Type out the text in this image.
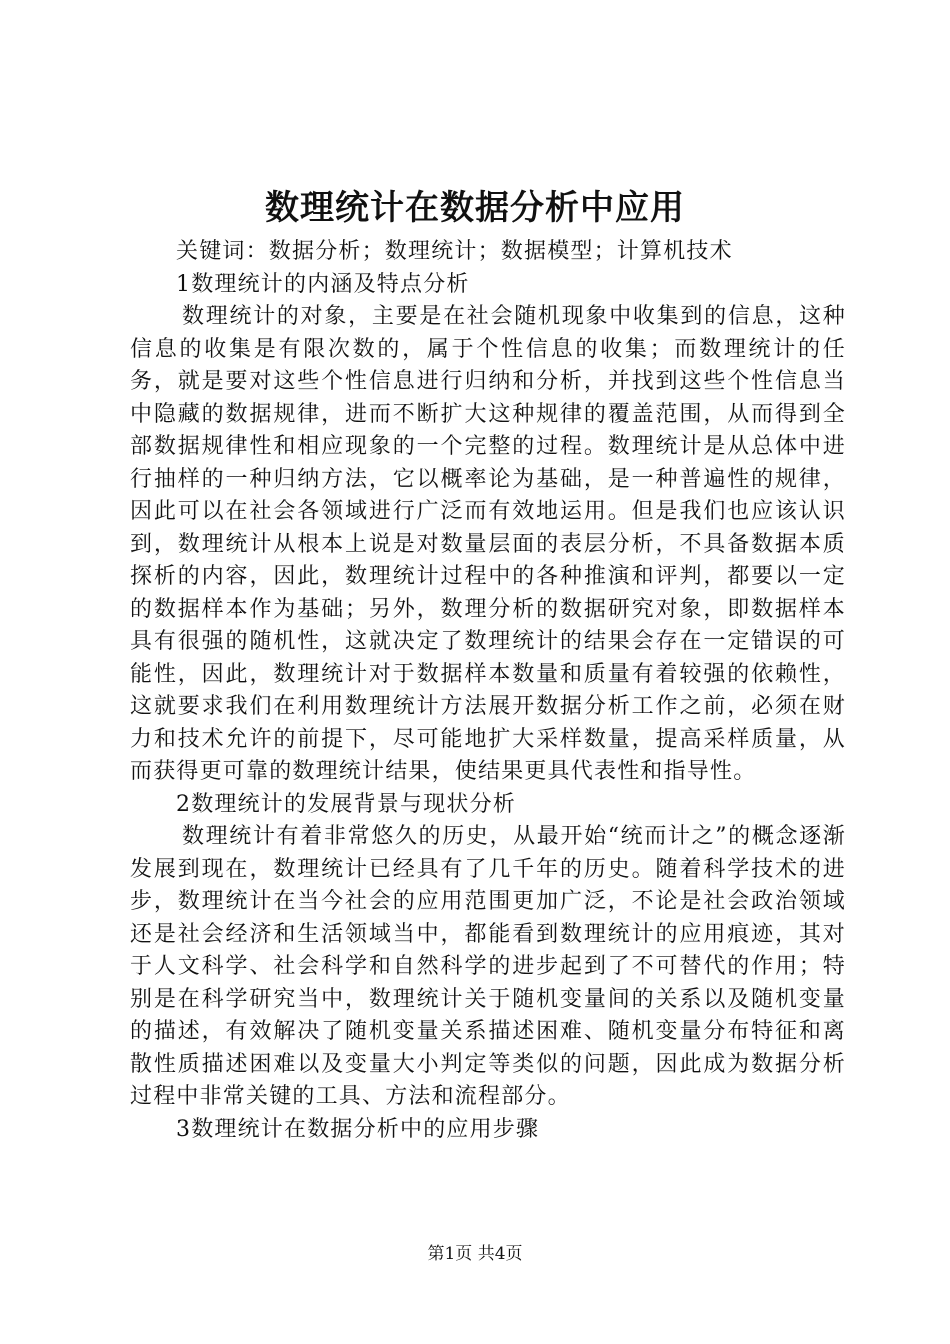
数理统计在数据分析中应用

关键词：数据分析；数理统计；数据模型；计算机技术

1数理统计的内涵及特点分析

数理统计的对象，主要是在社会随机现象中收集到的信息，这种信息的收集是有限次数的，属于个性信息的收集；而数理统计的任务，就是要对这些个性信息进行归纳和分析，并找到这些个性信息当中隐藏的数据规律，进而不断扩大这种规律的覆盖范围，从而得到全部数据规律性和相应现象的一个完整的过程。数理统计是从总体中进行抽样的一种归纳方法，它以概率论为基础，是一种普遍性的规律，因此可以在社会各领域进行广泛而有效地运用。但是我们也应该认识到，数理统计从根本上说是对数量层面的表层分析，不具备数据本质探析的内容，因此，数理统计过程中的各种推演和评判，都要以一定的数据样本作为基础；另外，数理分析的数据研究对象，即数据样本具有很强的随机性，这就决定了数理统计的结果会存在一定错误的可能性，因此，数理统计对于数据样本数量和质量有着较强的依赖性，这就要求我们在利用数理统计方法展开数据分析工作之前，必须在财力和技术允许的前提下，尽可能地扩大采样数量，提高采样质量，从而获得更可靠的数理统计结果，使结果更具代表性和指导性。

2数理统计的发展背景与现状分析

数理统计有着非常悠久的历史，从最开始“统而计之”的概念逐渐发展到现在，数理统计已经具有了几千年的历史。随着科学技术的进步，数理统计在当今社会的应用范围更加广泛，不论是社会政治领域还是社会经济和生活领域当中，都能看到数理统计的应用痕迹，其对于人文科学、社会科学和自然科学的进步起到了不可替代的作用；特别是在科学研究当中，数理统计关于随机变量间的关系以及随机变量的描述，有效解决了随机变量关系描述困难、随机变量分布特征和离散性质描述困难以及变量大小判定等类似的问题，因此成为数据分析过程中非常关键的工具、方法和流程部分。

3数理统计在数据分析中的应用步骤

第1页 共4页
